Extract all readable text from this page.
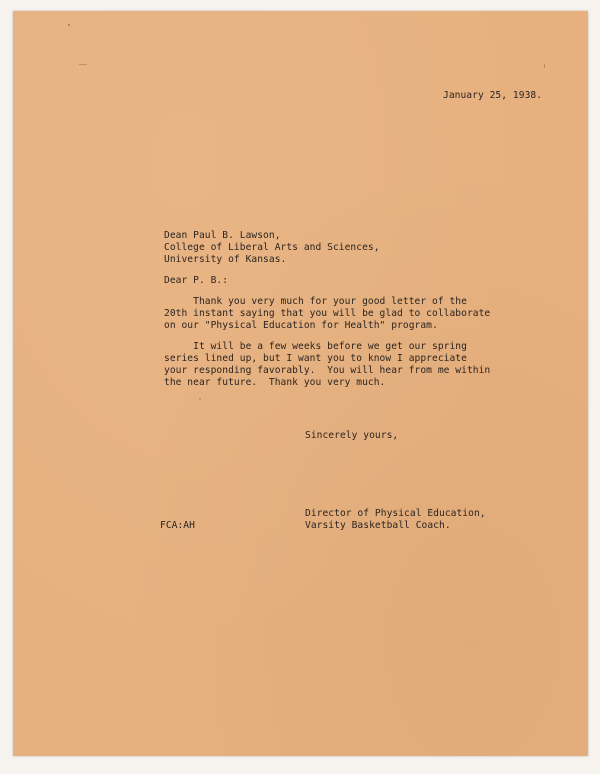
January 25, 1938.
Dean Paul B. Lawson,
College of Liberal Arts and Sciences,
University of Kansas.
Dear P. B.:
Thank you very much for your good letter of the
20th instant saying that you will be glad to collaborate
on our "Physical Education for Health" program.
It will be a few weeks before we get our spring
series lined up, but I want you to know I appreciate
your responding favorably.  You will hear from me within
the near future.  Thank you very much.
Sincerely yours,
FCA:AH
Director of Physical Education,
Varsity Basketball Coach.
